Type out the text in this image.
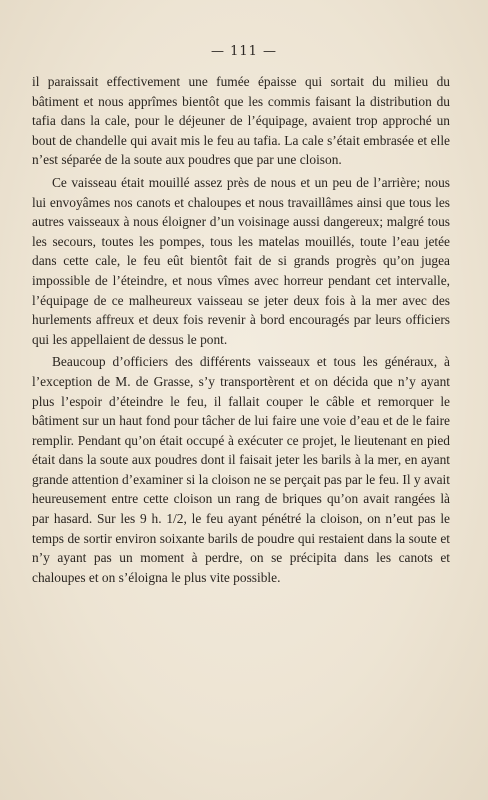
— 111 —

il paraissait effectivement une fumée épaisse qui sortait du milieu du bâtiment et nous apprîmes bientôt que les commis faisant la distribution du tafia dans la cale, pour le déjeuner de l’équipage, avaient trop approché un bout de chandelle qui avait mis le feu au tafia. La cale s’était embrasée et elle n’est séparée de la soute aux poudres que par une cloison.

Ce vaisseau était mouillé assez près de nous et un peu de l’arrière; nous lui envoyâmes nos canots et chaloupes et nous travaillâmes ainsi que tous les autres vaisseaux à nous éloigner d’un voisinage aussi dangereux; malgré tous les secours, toutes les pompes, tous les matelas mouillés, toute l’eau jetée dans cette cale, le feu eût bientôt fait de si grands progrès qu’on jugea impossible de l’éteindre, et nous vîmes avec horreur pendant cet intervalle, l’équipage de ce malheureux vaisseau se jeter deux fois à la mer avec des hurlements affreux et deux fois revenir à bord encouragés par leurs officiers qui les appellaient de dessus le pont.

Beaucoup d’officiers des différents vaisseaux et tous les généraux, à l’exception de M. de Grasse, s’y transportèrent et on décida que n’y ayant plus l’espoir d’éteindre le feu, il fallait couper le câble et remorquer le bâtiment sur un haut fond pour tâcher de lui faire une voie d’eau et de le faire remplir. Pendant qu’on était occupé à exécuter ce projet, le lieutenant en pied était dans la soute aux poudres dont il faisait jeter les barils à la mer, en ayant grande attention d’examiner si la cloison ne se perçait pas par le feu. Il y avait heureusement entre cette cloison un rang de briques qu’on avait rangées là par hasard. Sur les 9 h. 1/2, le feu ayant pénétré la cloison, on n’eut pas le temps de sortir environ soixante barils de poudre qui restaient dans la soute et n’y ayant pas un moment à perdre, on se précipita dans les canots et chaloupes et on s’éloigna le plus vite possible.
